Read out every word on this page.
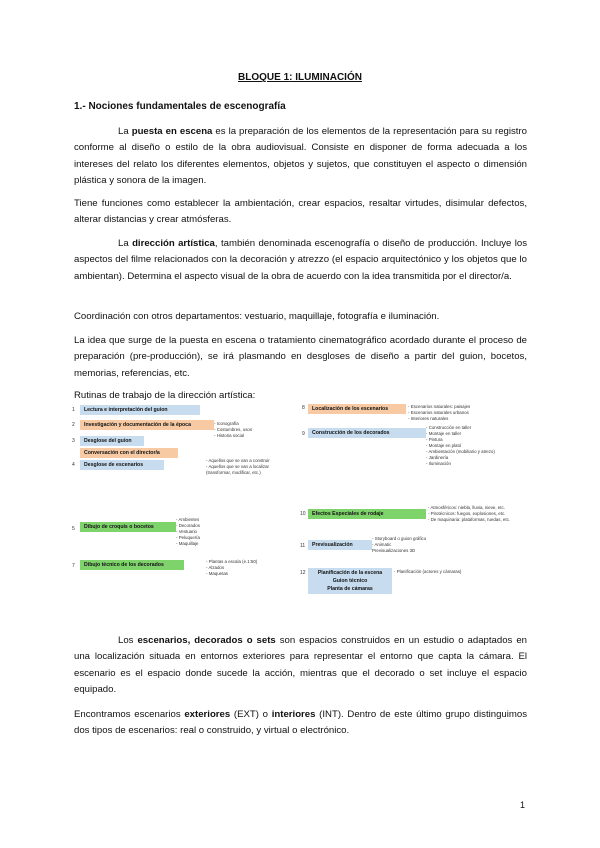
BLOQUE 1: ILUMINACIÓN
1.- Nociones fundamentales de escenografía

La puesta en escena es la preparación de los elementos de la representación para su registro conforme al diseño o estilo de la obra audiovisual. Consiste en disponer de forma adecuada a los intereses del relato los diferentes elementos, objetos y sujetos, que constituyen el aspecto o dimensión plástica y sonora de la imagen.

Tiene funciones como establecer la ambientación, crear espacios, resaltar virtudes, disimular defectos, alterar distancias y crear atmósferas.

La dirección artística, también denominada escenografía o diseño de producción. Incluye los aspectos del filme relacionados con la decoración y atrezzo (el espacio arquitectónico y los objetos que lo ambientan). Determina el aspecto visual de la obra de acuerdo con la idea transmitida por el director/a.

Coordinación con otros departamentos: vestuario, maquillaje, fotografía e iluminación.

La idea que surge de la puesta en escena o tratamiento cinematográfico acordado durante el proceso de preparación (pre-producción), se irá plasmando en desgloses de diseño a partir del guion, bocetos, memorias, referencias, etc.

Rutinas de trabajo de la dirección artística:

1	Lectura e interpretación del guion
2	Investigación y documentación de la época	- Iconografía
- Costumbres, usos
- Historia social
3	Desglose del guion
Conversación con el director/a
4	Desglose de escenarios
- Aquellos que se van a construir
- Aquellos que se van a localizar
(transformar, modificar, etc.)
5	Dibujo de croquis o bocetos
- Ambientes
- Decorados
- Vestuario
- Peluquería
- Maquillaje
7	Dibujo técnico de los decorados
- Plantas a escala (e.1:50)
- Alzados
- Maquetas
8	Localización de los escenarios	- Escenarios naturales: paisajes
- Escenarios naturales urbanos
- Interiores naturales
9	Construcción de los decorados
- Construcción en taller
- Montaje en taller
- Pintura
- Montaje en plató
- Ambientación (mobiliario y atrezo)
- Jardinería
- Iluminación
10	Efectos Especiales de rodaje
- Atmosféricos: niebla, lluvia, nieve, etc.
- Pirotécnicos: fuegos, explosiones, etc.
- De maquinaria: plataformas, ruedas, etc.
11	Previsualización
- Storyboard o guion gráfico
- Animatic
Previsualizaciones 3D
12	Planificación de la escena
Guion técnico
Planta de cámaras
- Planificación (actores y cámaras)

Los escenarios, decorados o sets son espacios construidos en un estudio o adaptados en una localización situada en entornos exteriores para representar el entorno que capta la cámara. El escenario es el espacio donde sucede la acción, mientras que el decorado o set incluye el espacio equipado.

Encontramos escenarios exteriores (EXT) o interiores (INT). Dentro de este último grupo distinguimos dos tipos de escenarios: real o construido, y virtual o electrónico.

1
